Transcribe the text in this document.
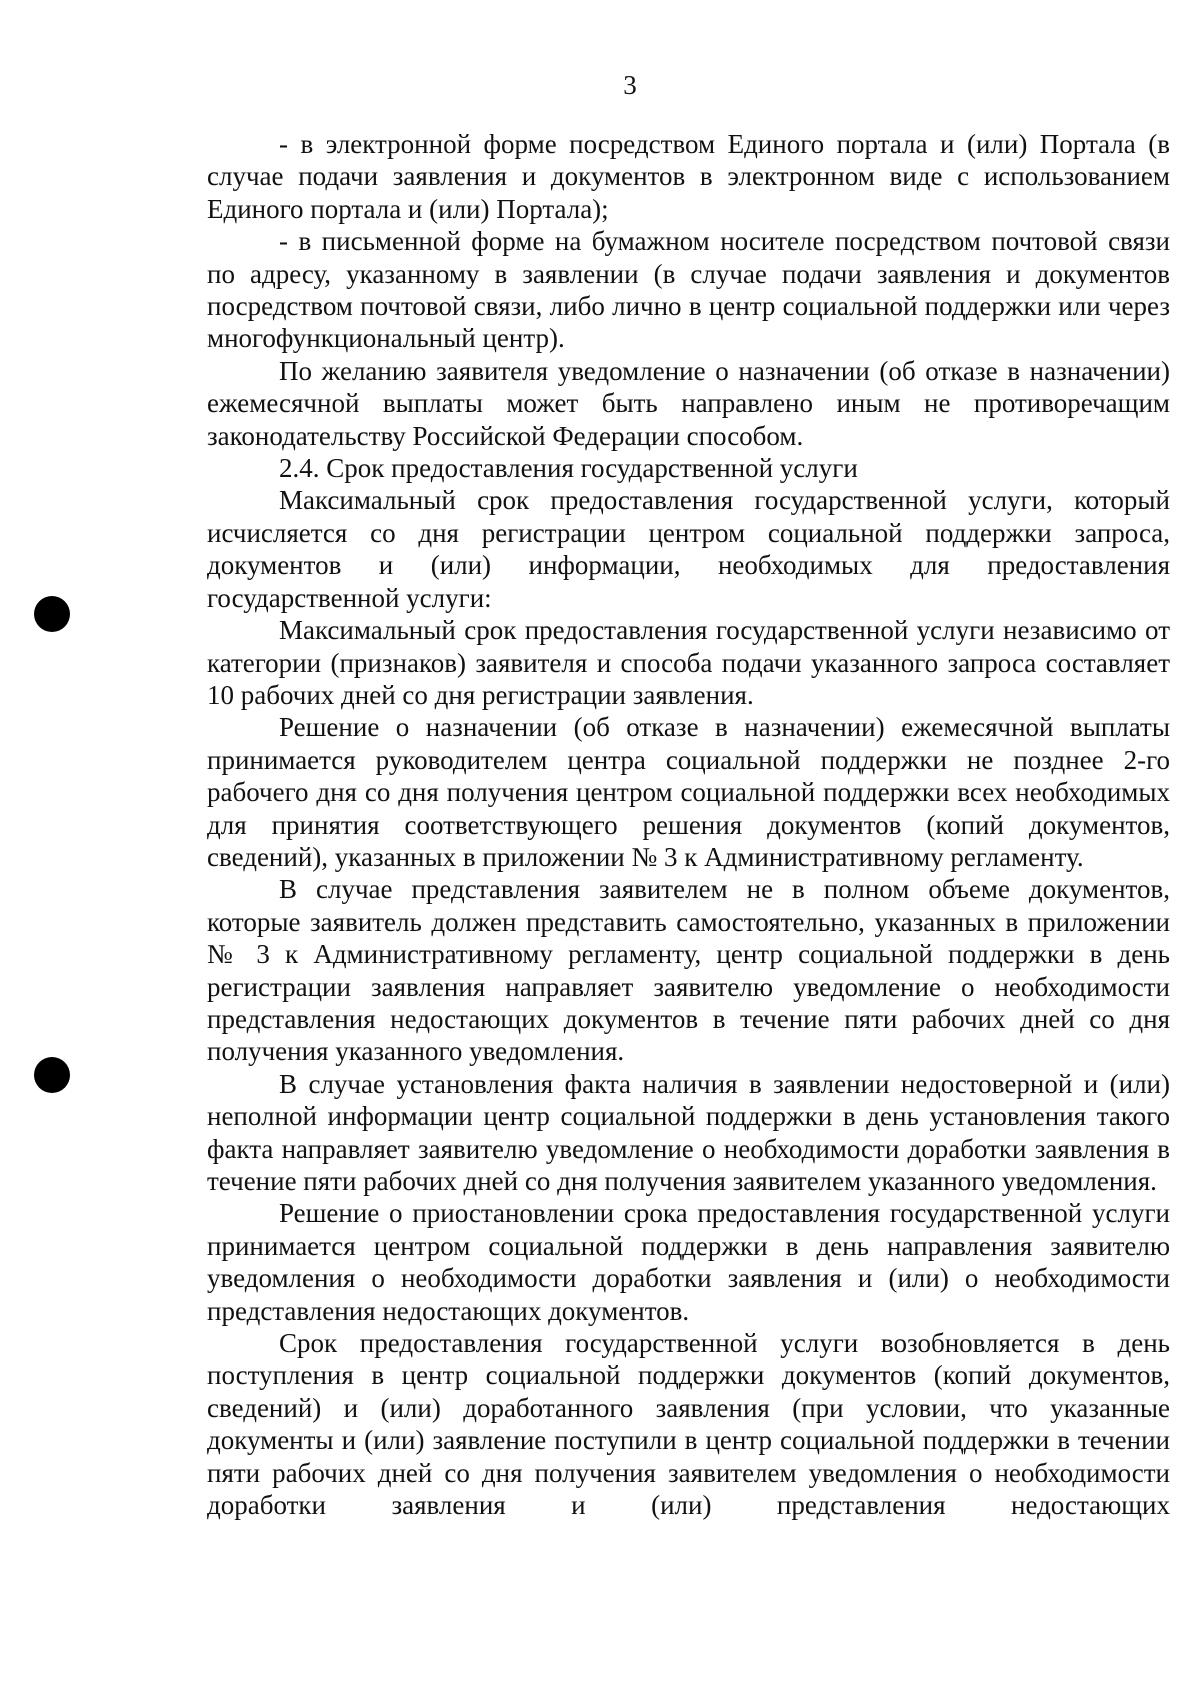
3

- в электронной форме посредством Единого портала и (или) Портала (в случае подачи заявления и документов в электронном виде с использованием Единого портала и (или) Портала);

- в письменной форме на бумажном носителе посредством почтовой связи по адресу, указанному в заявлении (в случае подачи заявления и документов посредством почтовой связи, либо лично в центр социальной поддержки или через многофункциональный центр).

По желанию заявителя уведомление о назначении (об отказе в назначении) ежемесячной выплаты может быть направлено иным не противоречащим законодательству Российской Федерации способом.

2.4. Срок предоставления государственной услуги

Максимальный срок предоставления государственной услуги, который исчисляется со дня регистрации центром социальной поддержки запроса, документов и (или) информации, необходимых для предоставления государственной услуги:

Максимальный срок предоставления государственной услуги независимо от категории (признаков) заявителя и способа подачи указанного запроса составляет 10 рабочих дней со дня регистрации заявления.

Решение о назначении (об отказе в назначении) ежемесячной выплаты принимается руководителем центра социальной поддержки не позднее 2-го рабочего дня со дня получения центром социальной поддержки всех необходимых для принятия соответствующего решения документов (копий документов, сведений), указанных в приложении № 3 к Административному регламенту.

В случае представления заявителем не в полном объеме документов, которые заявитель должен представить самостоятельно, указанных в приложении № 3 к Административному регламенту, центр социальной поддержки в день регистрации заявления направляет заявителю уведомление о необходимости представления недостающих документов в течение пяти рабочих дней со дня получения указанного уведомления.

В случае установления факта наличия в заявлении недостоверной и (или) неполной информации центр социальной поддержки в день установления такого факта направляет заявителю уведомление о необходимости доработки заявления в течение пяти рабочих дней со дня получения заявителем указанного уведомления.

Решение о приостановлении срока предоставления государственной услуги принимается центром социальной поддержки в день направления заявителю уведомления о необходимости доработки заявления и (или) о необходимости представления недостающих документов.

Срок предоставления государственной услуги возобновляется в день поступления в центр социальной поддержки документов (копий документов, сведений) и (или) доработанного заявления (при условии, что указанные документы и (или) заявление поступили в центр социальной поддержки в течении пяти рабочих дней со дня получения заявителем уведомления о необходимости доработки заявления и (или) представления недостающих
